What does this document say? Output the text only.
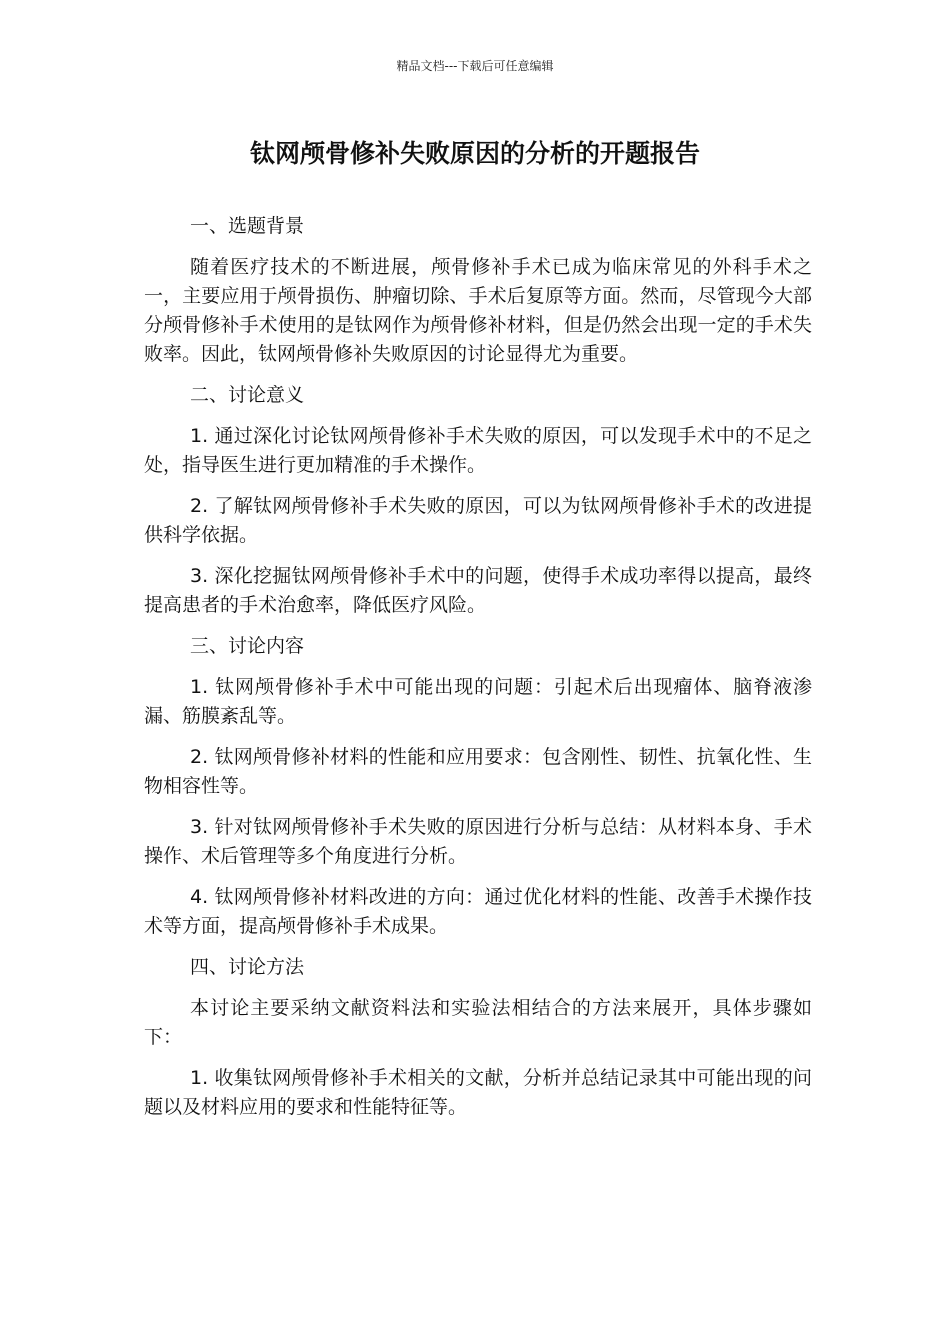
精品文档---下载后可任意编辑
钛网颅骨修补失败原因的分析的开题报告

一、选题背景

随着医疗技术的不断进展，颅骨修补手术已成为临床常见的外科手术之一，主要应用于颅骨损伤、肿瘤切除、手术后复原等方面。然而，尽管现今大部分颅骨修补手术使用的是钛网作为颅骨修补材料，但是仍然会出现一定的手术失败率。因此，钛网颅骨修补失败原因的讨论显得尤为重要。

二、讨论意义

1. 通过深化讨论钛网颅骨修补手术失败的原因，可以发现手术中的不足之处，指导医生进行更加精准的手术操作。

2. 了解钛网颅骨修补手术失败的原因，可以为钛网颅骨修补手术的改进提供科学依据。

3. 深化挖掘钛网颅骨修补手术中的问题，使得手术成功率得以提高，最终提高患者的手术治愈率，降低医疗风险。

三、讨论内容

1. 钛网颅骨修补手术中可能出现的问题：引起术后出现瘤体、脑脊液渗漏、筋膜紊乱等。

2. 钛网颅骨修补材料的性能和应用要求：包含刚性、韧性、抗氧化性、生物相容性等。

3. 针对钛网颅骨修补手术失败的原因进行分析与总结：从材料本身、手术操作、术后管理等多个角度进行分析。

4. 钛网颅骨修补材料改进的方向：通过优化材料的性能、改善手术操作技术等方面，提高颅骨修补手术成果。

四、讨论方法

本讨论主要采纳文献资料法和实验法相结合的方法来展开，具体步骤如下：

1. 收集钛网颅骨修补手术相关的文献，分析并总结记录其中可能出现的问题以及材料应用的要求和性能特征等。
